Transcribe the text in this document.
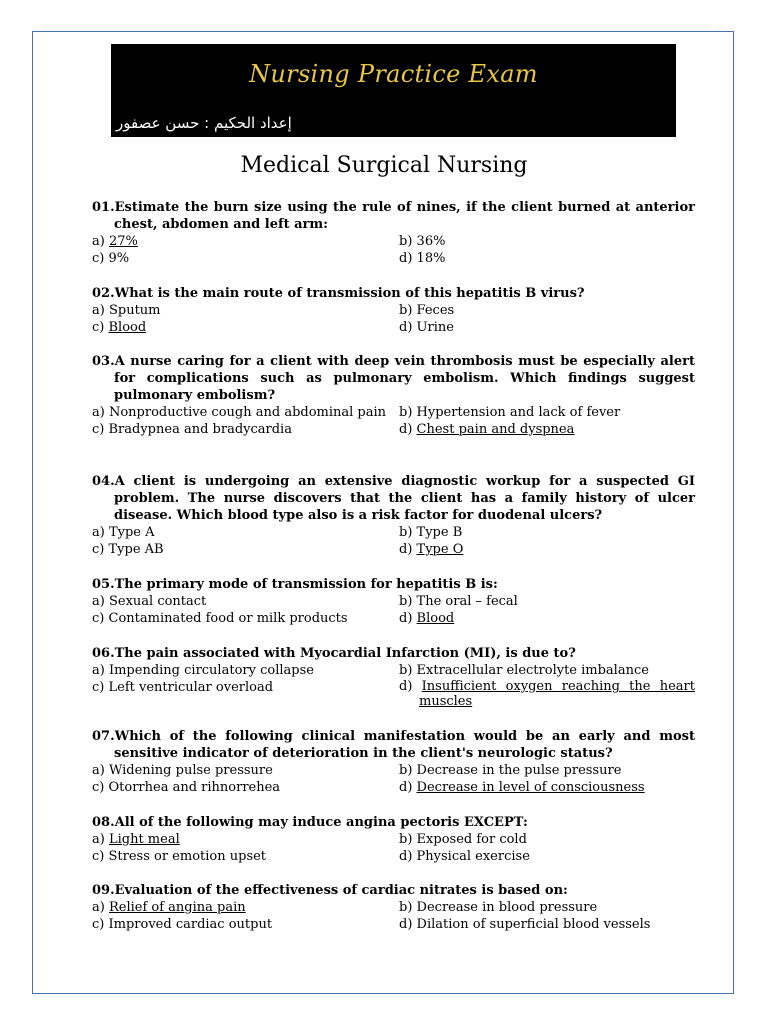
Nursing Practice Exam
إعداد الحكيم : حسن عصفور
Medical Surgical Nursing
01.Estimate the burn size using the rule of nines, if the client burned at anterior chest, abdomen and left arm:
a) 27%	b) 36%
c) 9%	d) 18%
02.What is the main route of transmission of this hepatitis B virus?
a) Sputum	b) Feces
c) Blood	d) Urine
03.A nurse caring for a client with deep vein thrombosis must be especially alert for complications such as pulmonary embolism. Which findings suggest pulmonary embolism?
a) Nonproductive cough and abdominal pain b) Hypertension and lack of fever
c) Bradypnea and bradycardia	d) Chest pain and dyspnea
04.A client is undergoing an extensive diagnostic workup for a suspected GI problem. The nurse discovers that the client has a family history of ulcer disease. Which blood type also is a risk factor for duodenal ulcers?
a) Type A	b) Type B
c) Type AB	d) Type O
05.The primary mode of transmission for hepatitis B is:
a) Sexual contact	b) The oral – fecal
c) Contaminated food or milk products	d) Blood
06.The pain associated with Myocardial Infarction (MI), is due to?
a) Impending circulatory collapse	b) Extracellular electrolyte imbalance
c) Left ventricular overload	d) Insufficient oxygen reaching the heart muscles
07.Which of the following clinical manifestation would be an early and most sensitive indicator of deterioration in the client's neurologic status?
a) Widening pulse pressure	b) Decrease in the pulse pressure
c) Otorrhea and rihnorrehea	d) Decrease in level of consciousness
08.All of the following may induce angina pectoris EXCEPT:
a) Light meal	b) Exposed for cold
c) Stress or emotion upset	d) Physical exercise
09.Evaluation of the effectiveness of cardiac nitrates is based on:
a) Relief of angina pain	b) Decrease in blood pressure
c) Improved cardiac output	d) Dilation of superficial blood vessels
